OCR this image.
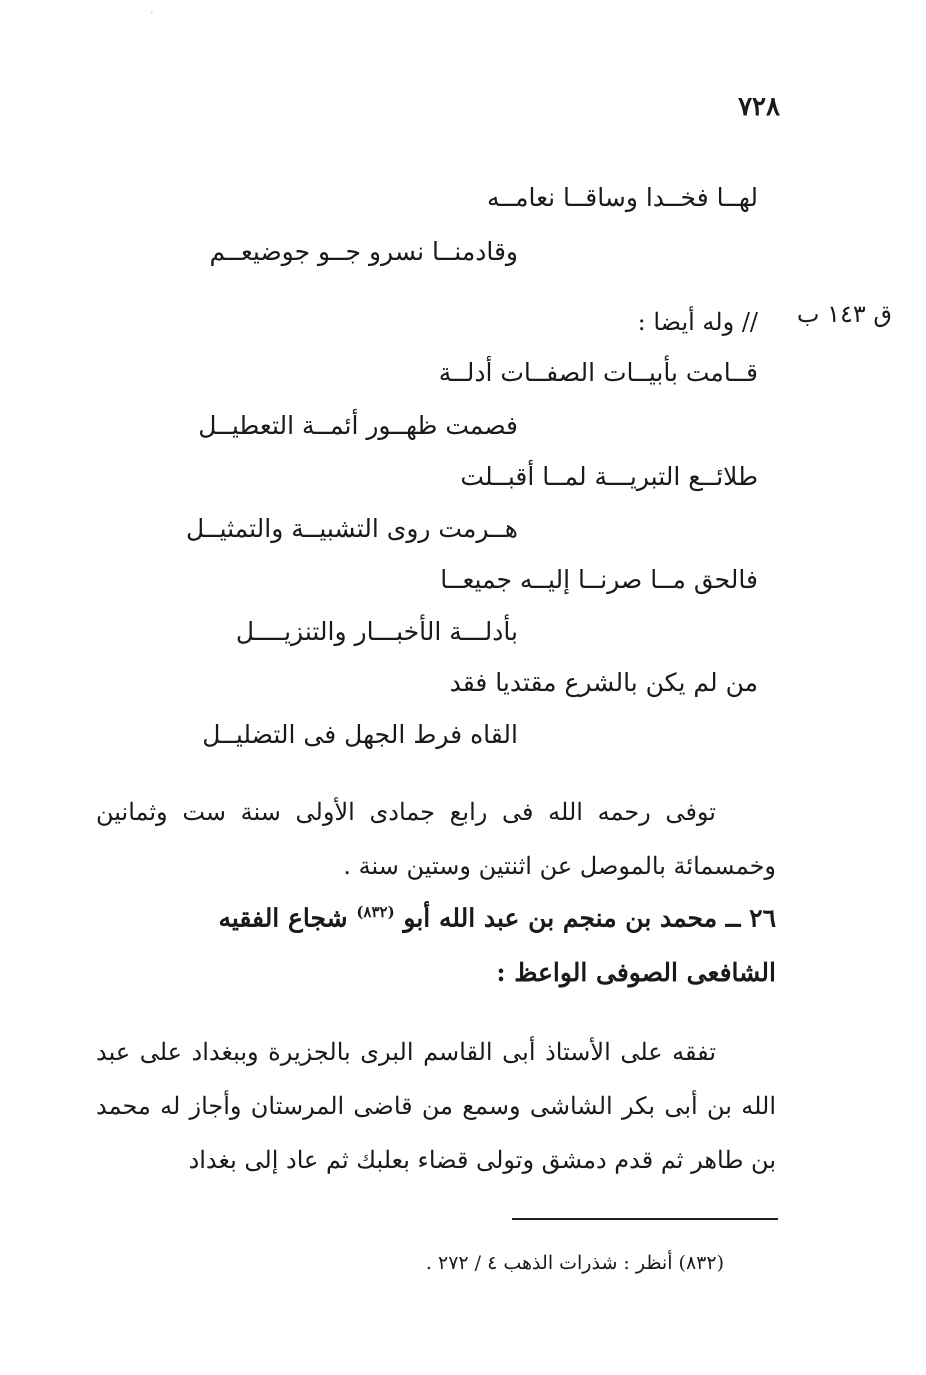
·
٧٢٨
لهــا فخــدا وساقــا نعامــه
وقادمنــا نسرو جــو جوضيعــم
ق ١٤٣ ب
// وله أيضا :
قــامت بأبيــات الصفــات أدلــة
فصمت ظهــور أئمــة التعطيــل
طلائــع التبريـــة لمــا أقبــلت
هــرمت روى التشبيــة والتمثيــل
فالحق مــا صرنــا إليــه جميعــا
بأدلـــة الأخبـــار والتنزيــــل
من لم يكن بالشرع مقتديا فقد
القاه فرط الجهل فى التضليــل
توفى رحمه الله فى رابع جمادى الأولى سنة ست وثمانين وخمسمائة بالموصل عن اثنتين وستين سنة .
٢٦ ــ محمد بن منجم بن عبد الله أبو $^{(٨٣٢)}$ شجاع الفقيه
الشافعى الصوفى الواعظ :
تفقه على الأستاذ أبى القاسم البرى بالجزيرة وببغداد على عبد الله بن أبى بكر الشاشى وسمع من قاضى المرستان وأجاز له محمد بن طاهر ثم قدم دمشق وتولى قضاء بعلبك ثم عاد إلى بغداد
(٨٣٢) أنظر : شذرات الذهب ٤ / ٢٧٢ .
